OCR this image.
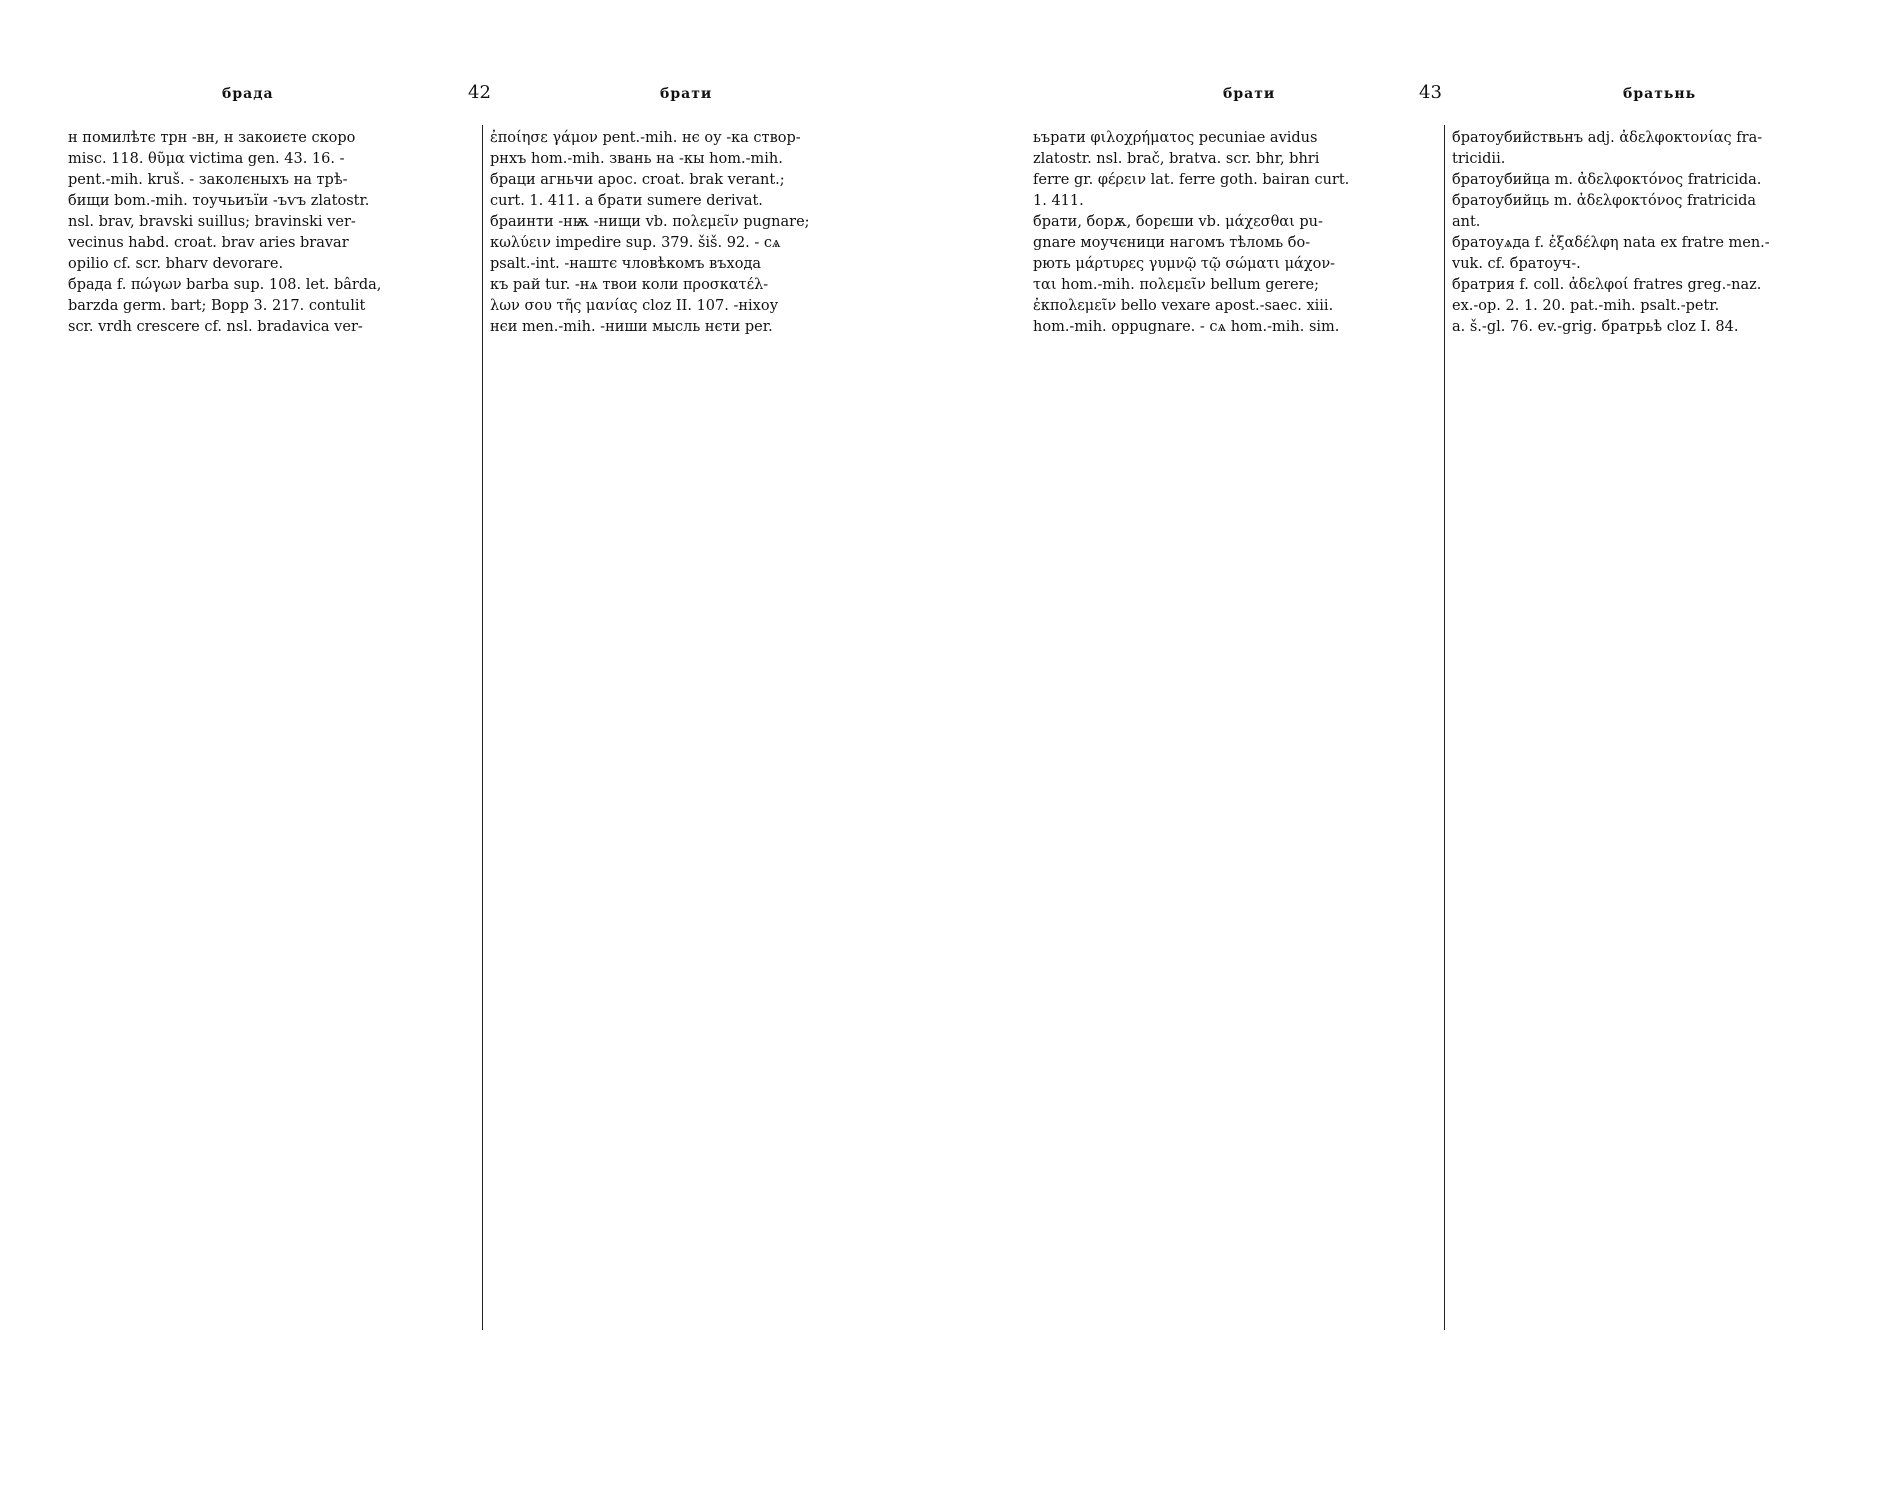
брада	42	брати
н помилѣтє трн -вн, н закоиєте скоро
misc. 118. θῦμα victima gen. 43. 16. -
pent.-mih. kruš. - заколєныхъ на трѣ-
бищи bom.-mih. тоучьиъїи -ъѵъ zlatostr.
nsl. brav, bravski suillus; bravinski ver-
vecinus habd. croat. brav aries bravar
opilio cf. scr. bharv devorare.
брада f. πώγων barba sup. 108. let. bârda,
barzda germ. bart; Bopp 3. 217. contulit
scr. vrdh crescere cf. nsl. bradavica ver-
ἐποίησε γάμον pent.-mih. нє оу -ка створ-
рнхъ hom.-mih. звань на -кы hom.-mih.
браци агньчи apoc. croat. brak verant.;
curt. 1. 411. a брати sumere derivat.
браинти -нѭ -нищи vb. πολεμεῖν pugnare;
κωλύειν impedire sup. 379. šiš. 92. - сѧ
psalt.-int. -наштє чловѣкомъ въхода
къ рай tur. -нѧ твои коли προσκατέλ-
λων σου τῆς μανίας cloz II. 107. -ніхоу
нєи men.-mih. -ниши мысль нєти per.
брати	43	братьнь
ьърати φιλοχρήματος pecuniae avidus
zlatostr. nsl. brač, bratva. scr. bhr, bhri
ferre gr. φέρειν lat. ferre goth. bairan curt.
1. 411.
брати, борѫ, борєши vb. μάχεσθαι pu-
gnare моучєници нагомъ тѣломь бо-
рють μάρτυρες γυμνῷ τῷ σώματι μάχον-
ται hom.-mih. πολεμεῖν bellum gerere;
ἐκπολεμεῖν bello vexare apost.-saec. xiii.
hom.-mih. oppugnare. - сѧ hom.-mih. sim.
братоубийствьнъ adj. ἀδελφοκτονίας fra-
tricidii.
братоубийца m. ἀδελφοκτόνος fratricida.
братоубийць m. ἀδελφοκτόνος fratricida
ant.
братоуѧда f. ἐξαδέλφη nata ex fratre men.-
vuk. cf. братоуч-.
братрия f. coll. ἀδελφοί fratres greg.-naz.
ex.-op. 2. 1. 20. pat.-mih. psalt.-petr.
a. š.-gl. 76. ev.-grig. братрьѣ cloz I. 84.
